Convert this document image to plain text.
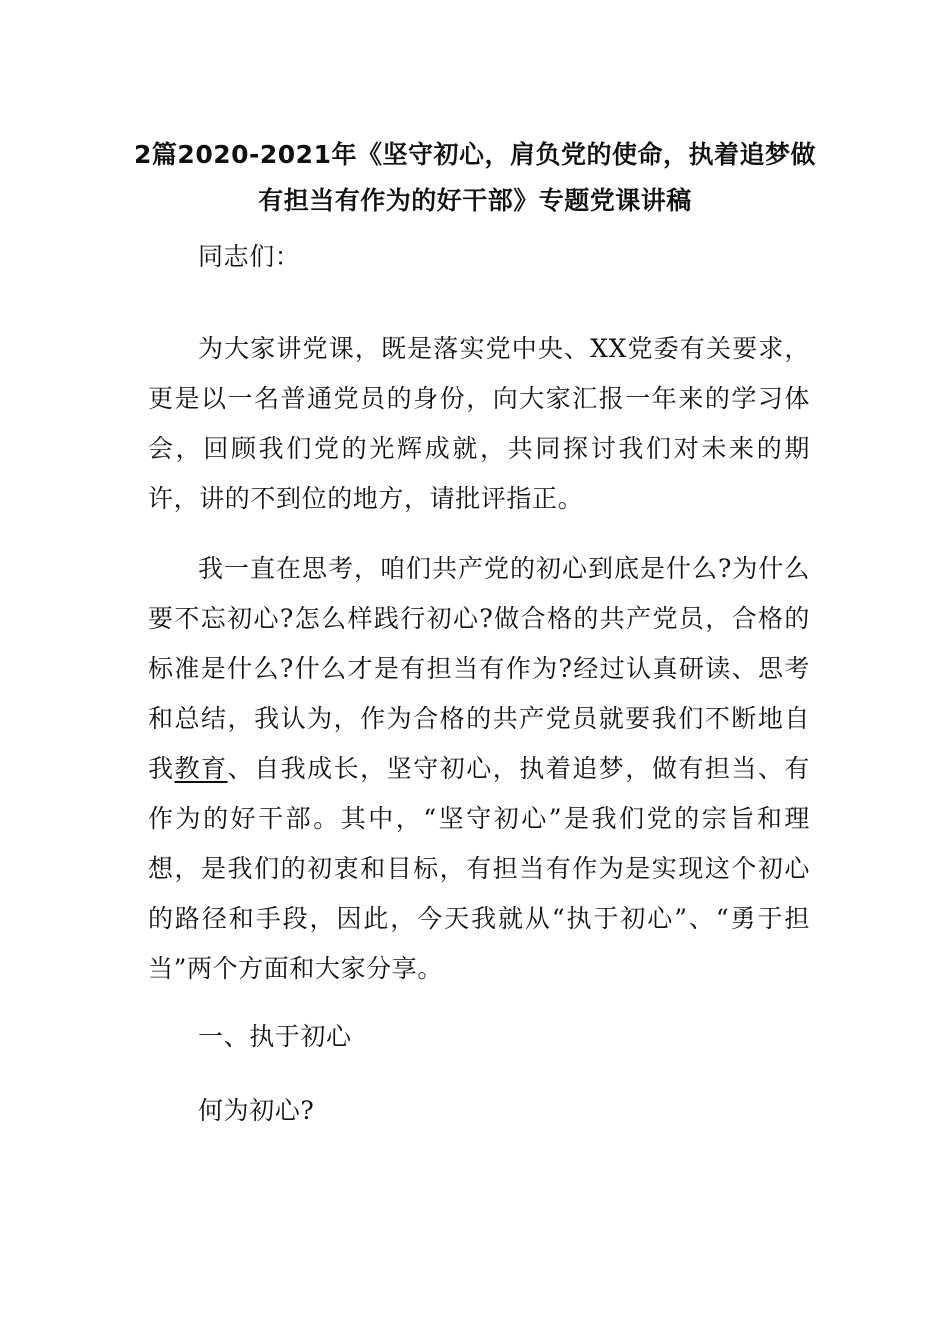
2篇2020-2021年《坚守初心，肩负党的使命，执着追梦做
有担当有作为的好干部》专题党课讲稿

同志们：

为大家讲党课，既是落实党中央、XX党委有关要求，更是以一名普通党员的身份，向大家汇报一年来的学习体会，回顾我们党的光辉成就，共同探讨我们对未来的期许，讲的不到位的地方，请批评指正。

我一直在思考，咱们共产党的初心到底是什么?为什么要不忘初心?怎么样践行初心?做合格的共产党员，合格的标准是什么?什么才是有担当有作为?经过认真研读、思考和总结，我认为，作为合格的共产党员就要我们不断地自我教育、自我成长，坚守初心，执着追梦，做有担当、有作为的好干部。其中，“坚守初心”是我们党的宗旨和理想，是我们的初衷和目标，有担当有作为是实现这个初心的路径和手段，因此，今天我就从“执于初心”、“勇于担当”两个方面和大家分享。

一、执于初心

何为初心?
